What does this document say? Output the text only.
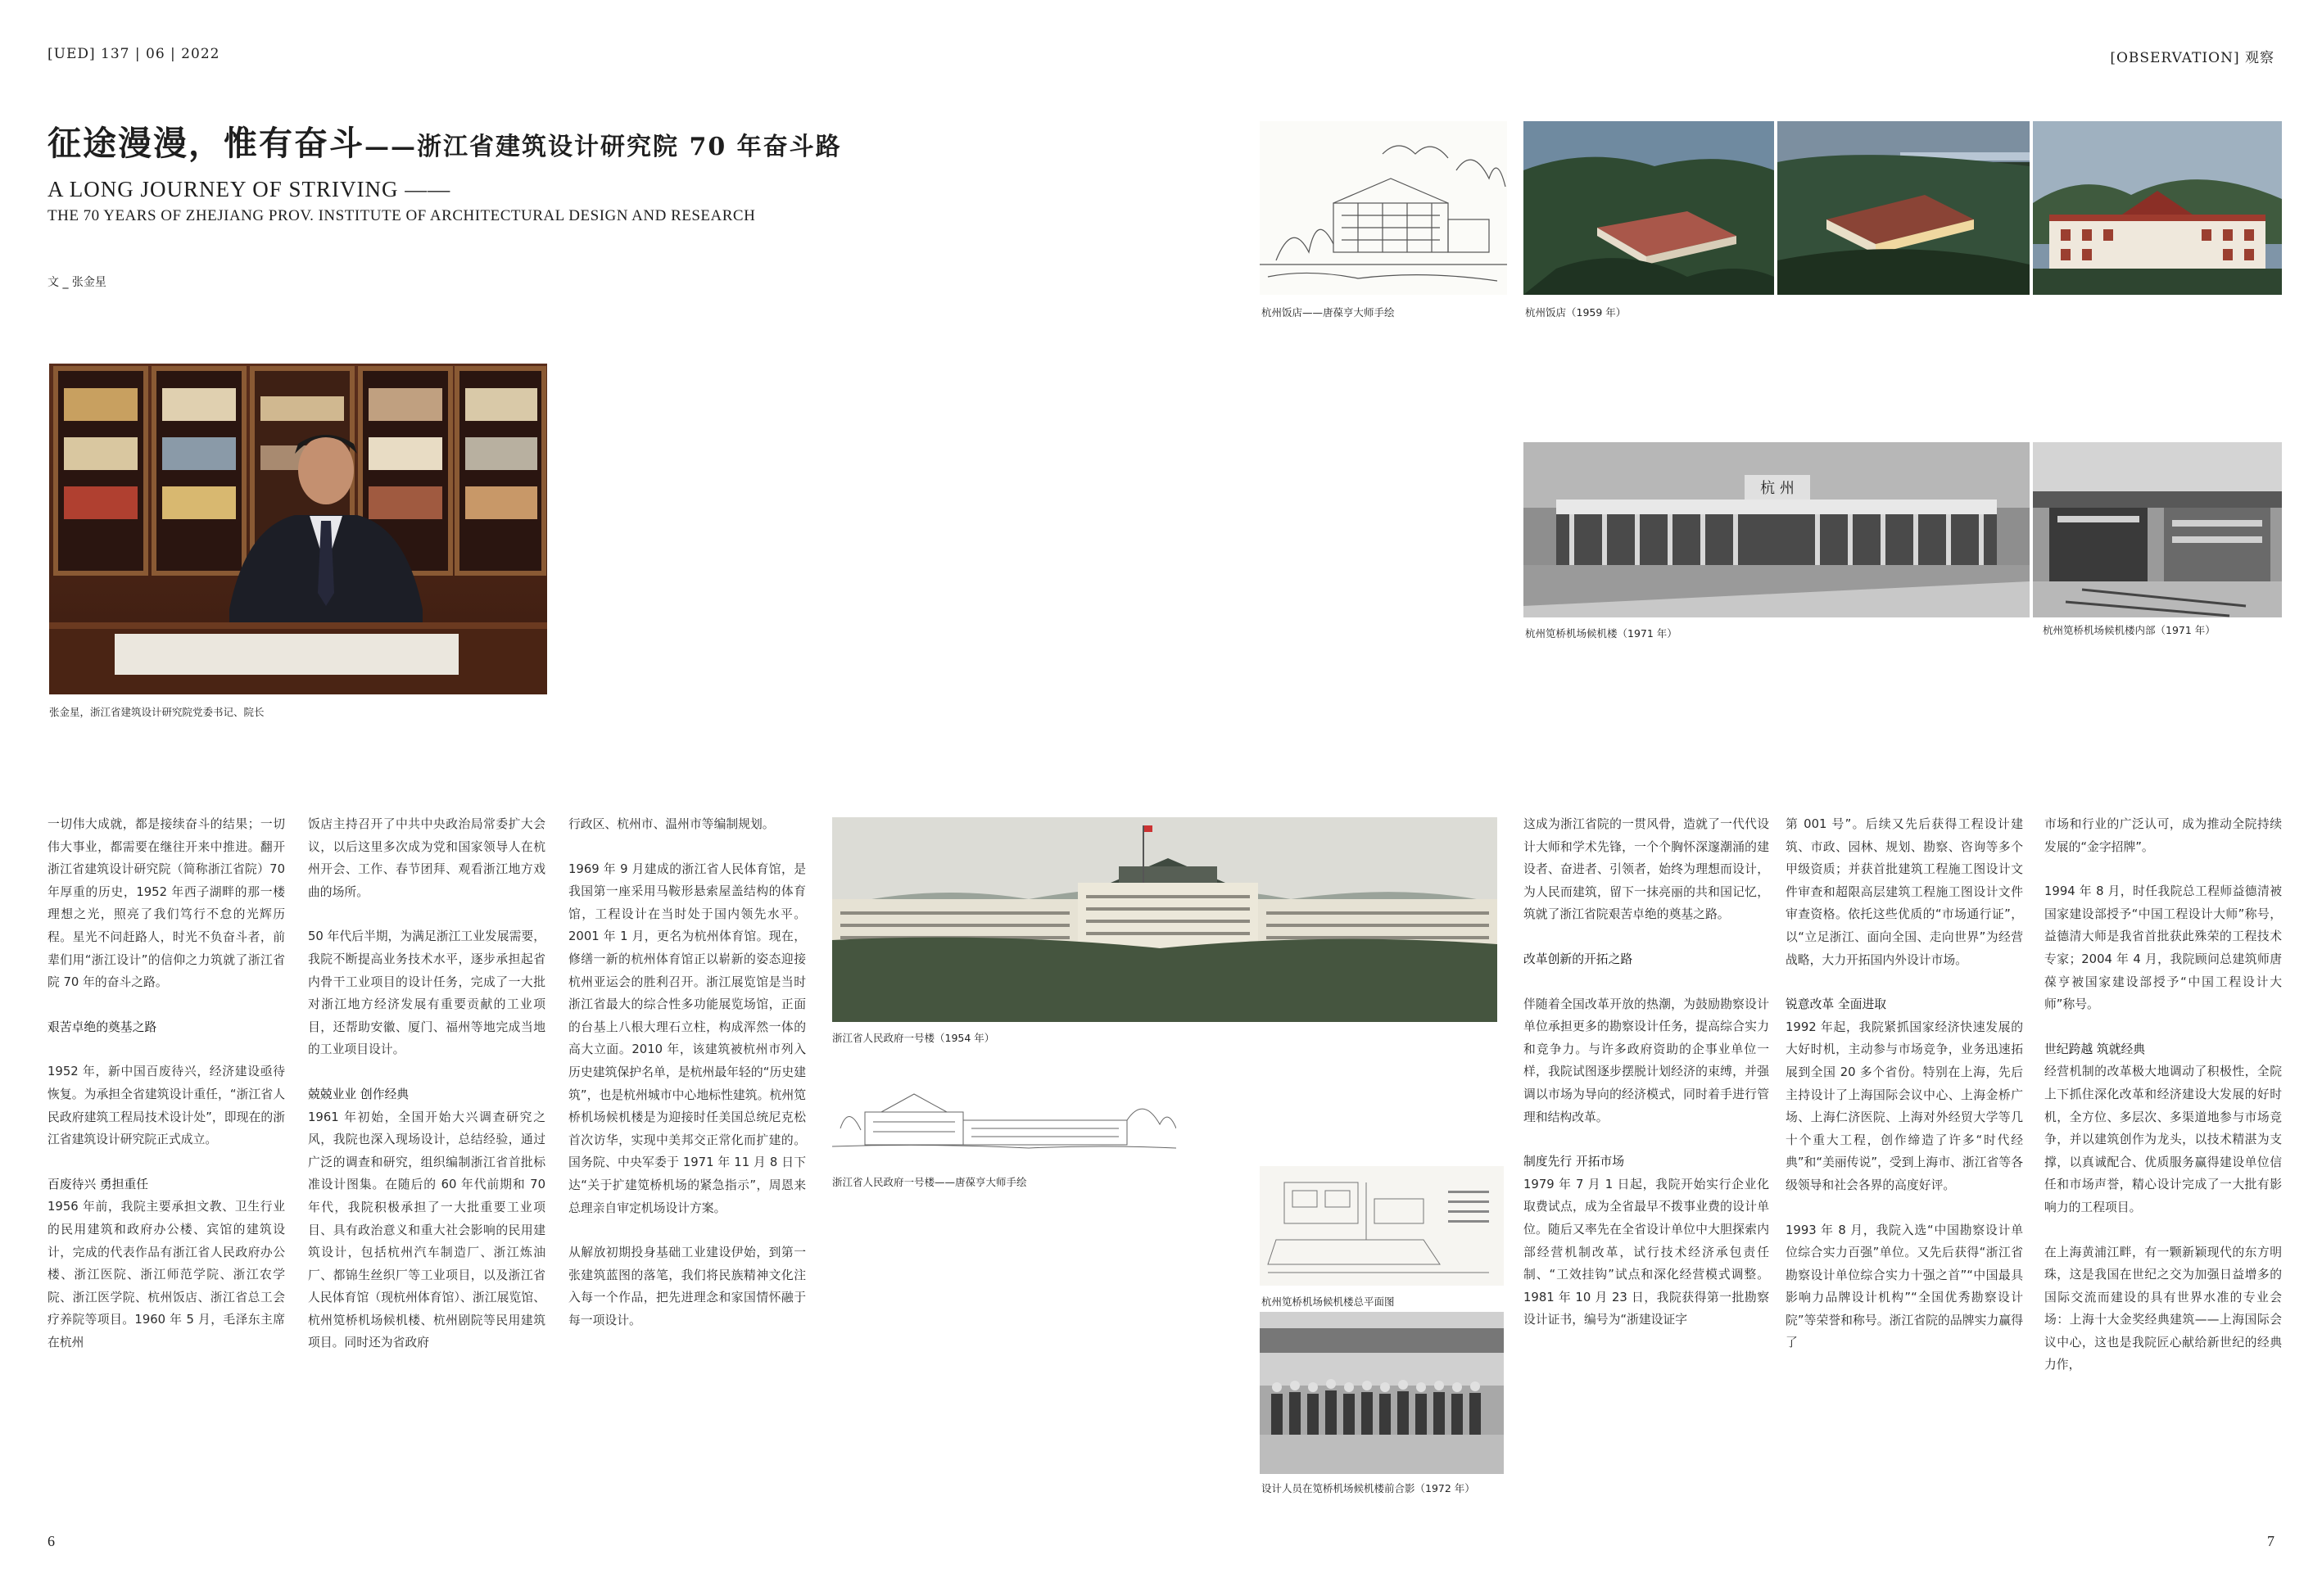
[UED] 137 | 06 | 2022	[OBSERVATION] 观察
征途漫漫，惟有奋斗——浙江省建筑设计研究院 70 年奋斗路
A LONG JOURNEY OF STRIVING ——
THE 70 YEARS OF ZHEJIANG PROV. INSTITUTE OF ARCHITECTURAL DESIGN AND RESEARCH
文 _ 张金星
张金星，浙江省建筑设计研究院党委书记、院长
杭州饭店——唐葆亨大师手绘	杭州饭店（1959 年）
杭 州
杭州笕桥机场候机楼（1971 年）	杭州笕桥机场候机楼内部（1971 年）
浙江省人民政府一号楼（1954 年）
浙江省人民政府一号楼——唐葆亨大师手绘
杭州笕桥机场候机楼总平面图
设计人员在笕桥机场候机楼前合影（1972 年）

一切伟大成就，都是接续奋斗的结果；一切伟大事业，都需要在继往开来中推进。翻开浙江省建筑设计研究院（简称浙江省院）70 年厚重的历史，1952 年西子湖畔的那一楼理想之光，照亮了我们笃行不怠的光辉历程。星光不问赶路人，时光不负奋斗者，前辈们用“浙江设计”的信仰之力筑就了浙江省院 70 年的奋斗之路。

艰苦卓绝的奠基之路

1952 年，新中国百废待兴，经济建设亟待恢复。为承担全省建筑设计重任，“浙江省人民政府建筑工程局技术设计处”，即现在的浙江省建筑设计研究院正式成立。

百废待兴 勇担重任

1956 年前，我院主要承担文教、卫生行业的民用建筑和政府办公楼、宾馆的建筑设计，完成的代表作品有浙江省人民政府办公楼、浙江医院、浙江师范学院、浙江农学院、浙江医学院、杭州饭店、浙江省总工会疗养院等项目。1960 年 5 月，毛泽东主席在杭州

饭店主持召开了中共中央政治局常委扩大会议，以后这里多次成为党和国家领导人在杭州开会、工作、春节团拜、观看浙江地方戏曲的场所。

50 年代后半期，为满足浙江工业发展需要，我院不断提高业务技术水平，逐步承担起省内骨干工业项目的设计任务，完成了一大批对浙江地方经济发展有重要贡献的工业项目，还帮助安徽、厦门、福州等地完成当地的工业项目设计。

兢兢业业 创作经典

1961 年初始，全国开始大兴调查研究之风，我院也深入现场设计，总结经验，通过广泛的调查和研究，组织编制浙江省首批标准设计图集。在随后的 60 年代前期和 70 年代，我院积极承担了一大批重要工业项目、具有政治意义和重大社会影响的民用建筑设计，包括杭州汽车制造厂、浙江炼油厂、都锦生丝织厂等工业项目，以及浙江省人民体育馆（现杭州体育馆）、浙江展览馆、杭州笕桥机场候机楼、杭州剧院等民用建筑项目。同时还为省政府

行政区、杭州市、温州市等编制规划。

1969 年 9 月建成的浙江省人民体育馆，是我国第一座采用马鞍形悬索屋盖结构的体育馆，工程设计在当时处于国内领先水平。2001 年 1 月，更名为杭州体育馆。现在，修缮一新的杭州体育馆正以崭新的姿态迎接杭州亚运会的胜利召开。浙江展览馆是当时浙江省最大的综合性多功能展览场馆，正面的台基上八根大理石立柱，构成浑然一体的高大立面。2010 年，该建筑被杭州市列入历史建筑保护名单，是杭州最年轻的“历史建筑”，也是杭州城市中心地标性建筑。杭州笕桥机场候机楼是为迎接时任美国总统尼克松首次访华，实现中美邦交正常化而扩建的。国务院、中央军委于 1971 年 11 月 8 日下达“关于扩建笕桥机场的紧急指示”，周恩来总理亲自审定机场设计方案。

从解放初期投身基础工业建设伊始，到第一张建筑蓝图的落笔，我们将民族精神文化注入每一个作品，把先进理念和家国情怀融于每一项设计。

这成为浙江省院的一贯风骨，造就了一代代设计大师和学术先锋，一个个胸怀深邃潮涌的建设者、奋进者、引领者，始终为理想而设计，为人民而建筑，留下一抹亮丽的共和国记忆，筑就了浙江省院艰苦卓绝的奠基之路。

改革创新的开拓之路

伴随着全国改革开放的热潮，为鼓励勘察设计单位承担更多的勘察设计任务，提高综合实力和竞争力。与许多政府资助的企事业单位一样，我院试图逐步摆脱计划经济的束缚，并强调以市场为导向的经济模式，同时着手进行管理和结构改革。

制度先行 开拓市场

1979 年 7 月 1 日起，我院开始实行企业化取费试点，成为全省最早不拨事业费的设计单位。随后又率先在全省设计单位中大胆探索内部经营机制改革，试行技术经济承包责任制、“工效挂钩”试点和深化经营模式调整。1981 年 10 月 23 日，我院获得第一批勘察设计证书，编号为“浙建设证字

第 001 号”。后续又先后获得工程设计建筑、市政、园林、规划、勘察、咨询等多个甲级资质；并获首批建筑工程施工图设计文件审查和超限高层建筑工程施工图设计文件审查资格。依托这些优质的“市场通行证”，以“立足浙江、面向全国、走向世界”为经营战略，大力开拓国内外设计市场。

锐意改革 全面进取

1992 年起，我院紧抓国家经济快速发展的大好时机，主动参与市场竞争，业务迅速拓展到全国 20 多个省份。特别在上海，先后主持设计了上海国际会议中心、上海金桥广场、上海仁济医院、上海对外经贸大学等几十个重大工程，创作缔造了许多“时代经典”和“美丽传说”，受到上海市、浙江省等各级领导和社会各界的高度好评。

1993 年 8 月，我院入选“中国勘察设计单位综合实力百强”单位。又先后获得“浙江省勘察设计单位综合实力十强之首”“中国最具影响力品牌设计机构”“全国优秀勘察设计院”等荣誉和称号。浙江省院的品牌实力赢得了

市场和行业的广泛认可，成为推动全院持续发展的“金字招牌”。

1994 年 8 月，时任我院总工程师益德清被国家建设部授予“中国工程设计大师”称号，益德清大师是我省首批获此殊荣的工程技术专家；2004 年 4 月，我院顾问总建筑师唐葆亨被国家建设部授予“中国工程设计大师”称号。

世纪跨越 筑就经典

经营机制的改革极大地调动了积极性，全院上下抓住深化改革和经济建设大发展的好时机，全方位、多层次、多渠道地参与市场竞争，并以建筑创作为龙头，以技术精湛为支撑，以真诚配合、优质服务赢得建设单位信任和市场声誉，精心设计完成了一大批有影响力的工程项目。

在上海黄浦江畔，有一颗新颖现代的东方明珠，这是我国在世纪之交为加强日益增多的国际交流而建设的具有世界水准的专业会场：上海十大金奖经典建筑——上海国际会议中心，这也是我院匠心献给新世纪的经典力作，

6	7
